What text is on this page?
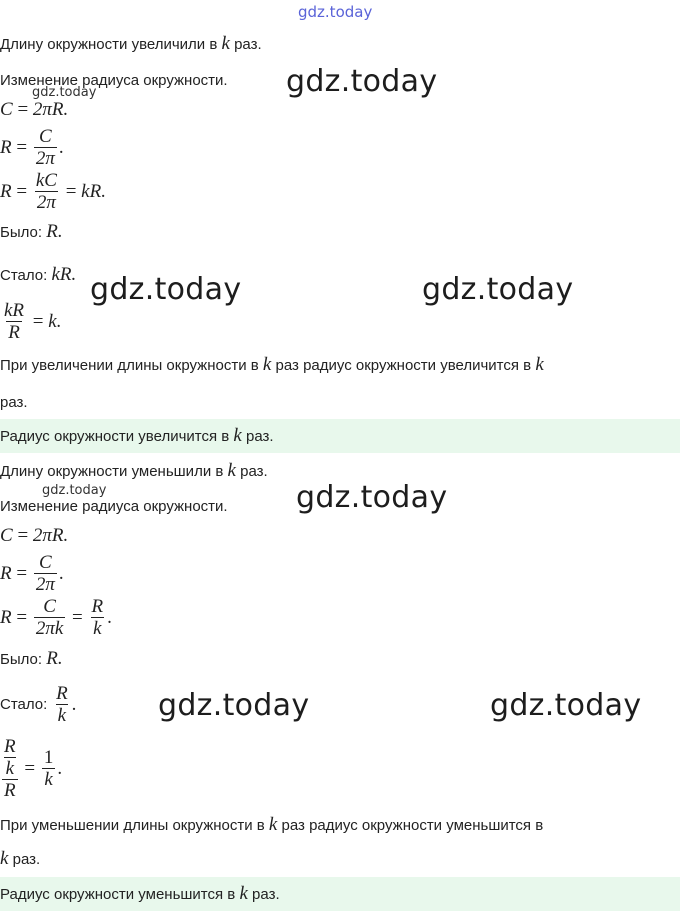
gdz.today
Длину окружности увеличили в k раз.
Изменение радиуса окружности.
C = 2πR.
$R = \frac{C}{2\pi}$ .
$R = \frac{kC}{2\pi}$ = kR.
Было: R.
Стало: kR.
$\frac{kR}{R} = k$.
При увеличении длины окружности в k раз радиус окружности увеличится в k
раз.
Радиус окружности увеличится в k раз.
Длину окружности уменьшили в k раз.
Изменение радиуса окружности.
C = 2πR.
$R = \frac{C}{2\pi}$ .
$R = \frac{C}{2\pi k} = \frac{R}{k}$ .
Было: R.
Стало:
$\frac{R}{k}$ .
$\frac{\frac{R}{k}}{R} = \frac{1}{k}$ .
При уменьшении длины окружности в k раз радиус окружности уменьшится в
k раз.
Радиус окружности уменьшится в k раз.
gdz.today	gdz.today
gdz.today	gdz.today
gdz.today	gdz.today
gdz.today	gdz.today
